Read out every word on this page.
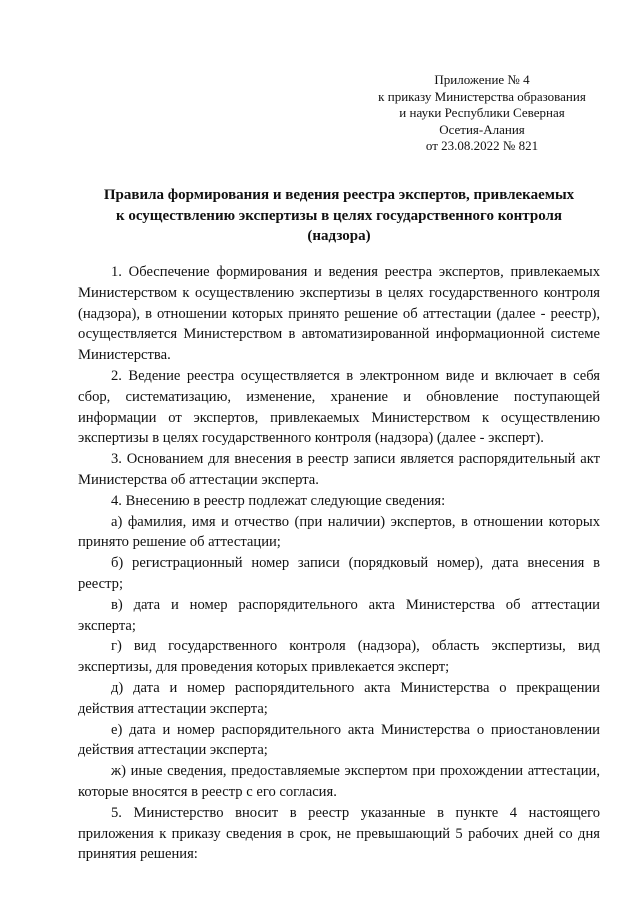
Приложение № 4
к приказу Министерства образования
и науки Республики Северная
Осетия-Алания
от 23.08.2022 № 821
Правила формирования и ведения реестра экспертов, привлекаемых
к осуществлению экспертизы в целях государственного контроля
(надзора)

1. Обеспечение формирования и ведения реестра экспертов, привлекаемых Министерством к осуществлению экспертизы в целях государственного контроля (надзора), в отношении которых принято решение об аттестации (далее - реестр), осуществляется Министерством в автоматизированной информационной системе Министерства.

2. Ведение реестра осуществляется в электронном виде и включает в себя сбор, систематизацию, изменение, хранение и обновление поступающей информации от экспертов, привлекаемых Министерством к осуществлению экспертизы в целях государственного контроля (надзора) (далее - эксперт).

3. Основанием для внесения в реестр записи является распорядительный акт Министерства об аттестации эксперта.

4. Внесению в реестр подлежат следующие сведения:

а) фамилия, имя и отчество (при наличии) экспертов, в отношении которых принято решение об аттестации;

б) регистрационный номер записи (порядковый номер), дата внесения в реестр;

в) дата и номер распорядительного акта Министерства об аттестации эксперта;

г) вид государственного контроля (надзора), область экспертизы, вид экспертизы, для проведения которых привлекается эксперт;

д) дата и номер распорядительного акта Министерства о прекращении действия аттестации эксперта;

е) дата и номер распорядительного акта Министерства о приостановлении действия аттестации эксперта;

ж) иные сведения, предоставляемые экспертом при прохождении аттестации, которые вносятся в реестр с его согласия.

5. Министерство вносит в реестр указанные в пункте 4 настоящего приложения к приказу сведения в срок, не превышающий 5 рабочих дней со дня принятия решения:
